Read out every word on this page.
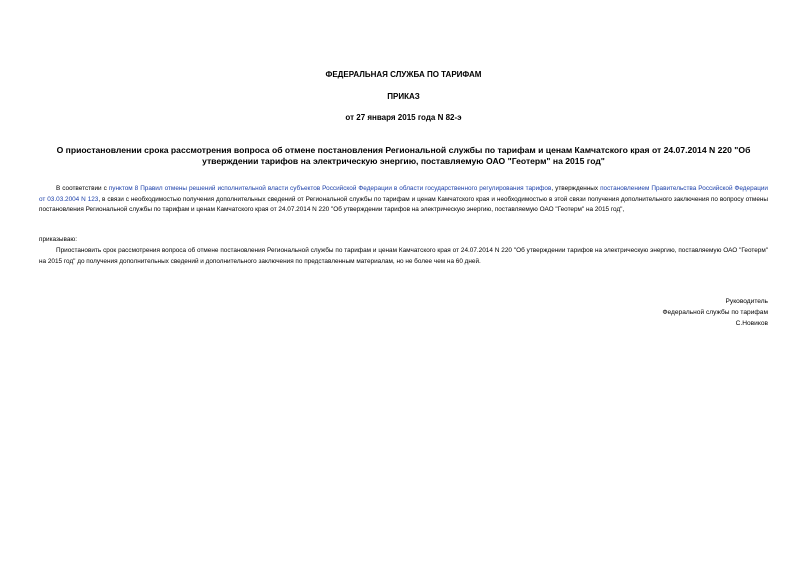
ФЕДЕРАЛЬНАЯ СЛУЖБА ПО ТАРИФАМ
ПРИКАЗ
от 27 января 2015 года N 82-э
О приостановлении срока рассмотрения вопроса об отмене постановления Региональной службы по тарифам и ценам Камчатского края от 24.07.2014 N 220 "Об утверждении тарифов на электрическую энергию, поставляемую ОАО "Геотерм" на 2015 год"
В соответствии с пунктом 8 Правил отмены решений исполнительной власти субъектов Российской Федерации в области государственного регулирования тарифов, утвержденных постановлением Правительства Российской Федерации от 03.03.2004 N 123, в связи с необходимостью получения дополнительных сведений от Региональной службы по тарифам и ценам Камчатского края и необходимостью в этой связи получения дополнительного заключения по вопросу отмены постановления Региональной службы по тарифам и ценам Камчатского края от 24.07.2014 N 220 "Об утверждении тарифов на электрическую энергию, поставляемую ОАО "Геотерм" на 2015 год",
приказываю:
Приостановить срок рассмотрения вопроса об отмене постановления Региональной службы по тарифам и ценам Камчатского края от 24.07.2014 N 220 "Об утверждении тарифов на электрическую энергию, поставляемую ОАО "Геотерм" на 2015 год" до получения дополнительных сведений и дополнительного заключения по представленным материалам, но не более чем на 60 дней.
Руководитель
Федеральной службы по тарифам
С.Новиков
